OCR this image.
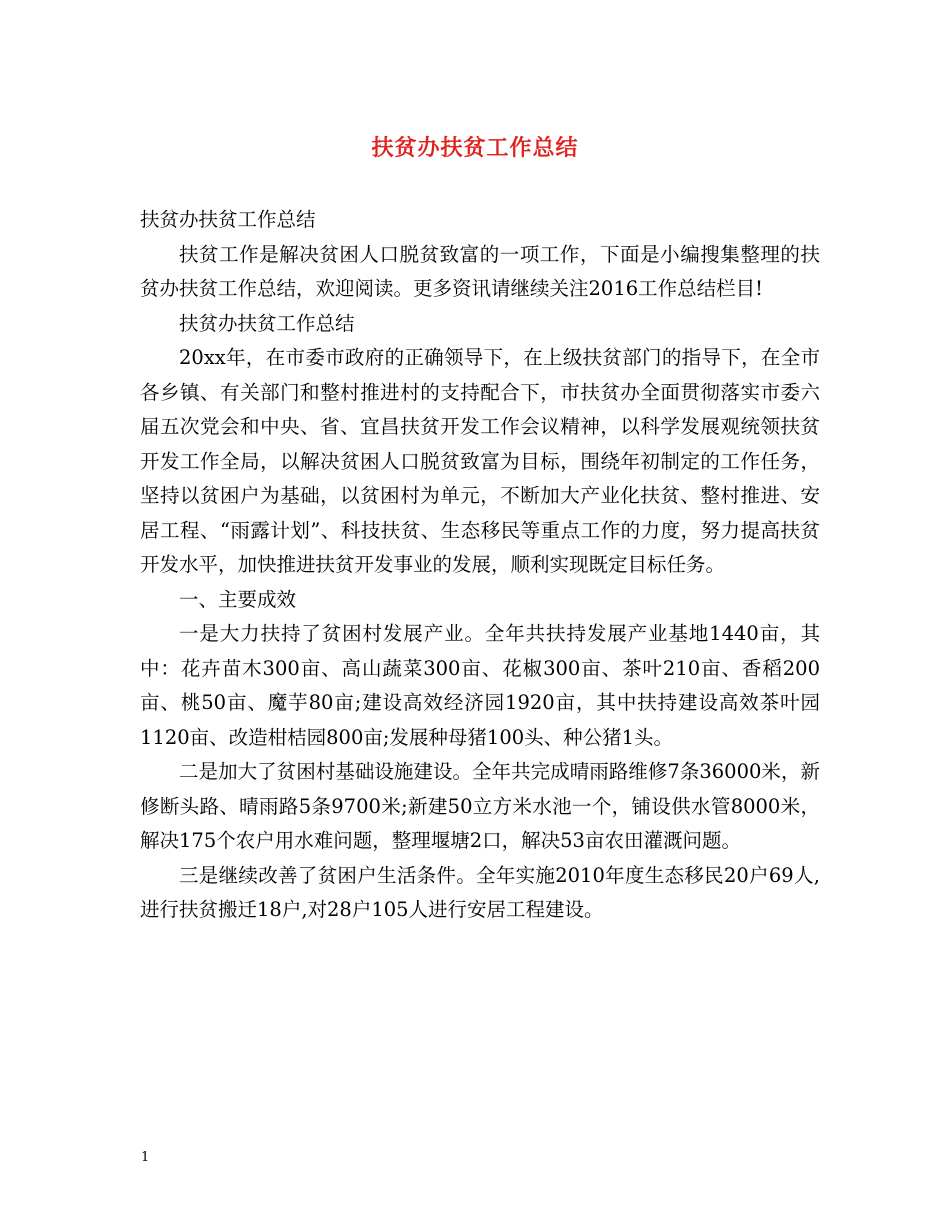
扶贫办扶贫工作总结

扶贫办扶贫工作总结

扶贫工作是解决贫困人口脱贫致富的一项工作，下面是小编搜集整理的扶贫办扶贫工作总结，欢迎阅读。更多资讯请继续关注2016工作总结栏目!

扶贫办扶贫工作总结

20xx年，在市委市政府的正确领导下，在上级扶贫部门的指导下，在全市各乡镇、有关部门和整村推进村的支持配合下，市扶贫办全面贯彻落实市委六届五次党会和中央、省、宜昌扶贫开发工作会议精神，以科学发展观统领扶贫开发工作全局，以解决贫困人口脱贫致富为目标，围绕年初制定的工作任务，坚持以贫困户为基础，以贫困村为单元，不断加大产业化扶贫、整村推进、安居工程、“雨露计划”、科技扶贫、生态移民等重点工作的力度，努力提高扶贫开发水平，加快推进扶贫开发事业的发展，顺利实现既定目标任务。

一、主要成效

一是大力扶持了贫困村发展产业。全年共扶持发展产业基地1440亩，其中：花卉苗木300亩、高山蔬菜300亩、花椒300亩、茶叶210亩、香稻200亩、桃50亩、魔芋80亩;建设高效经济园1920亩，其中扶持建设高效茶叶园1120亩、改造柑桔园800亩;发展种母猪100头、种公猪1头。

二是加大了贫困村基础设施建设。全年共完成晴雨路维修7条36000米，新修断头路、晴雨路5条9700米;新建50立方米水池一个，铺设供水管8000米，解决175个农户用水难问题，整理堰塘2口，解决53亩农田灌溉问题。

三是继续改善了贫困户生活条件。全年实施2010年度生态移民20户69人,进行扶贫搬迁18户,对28户105人进行安居工程建设。

1
